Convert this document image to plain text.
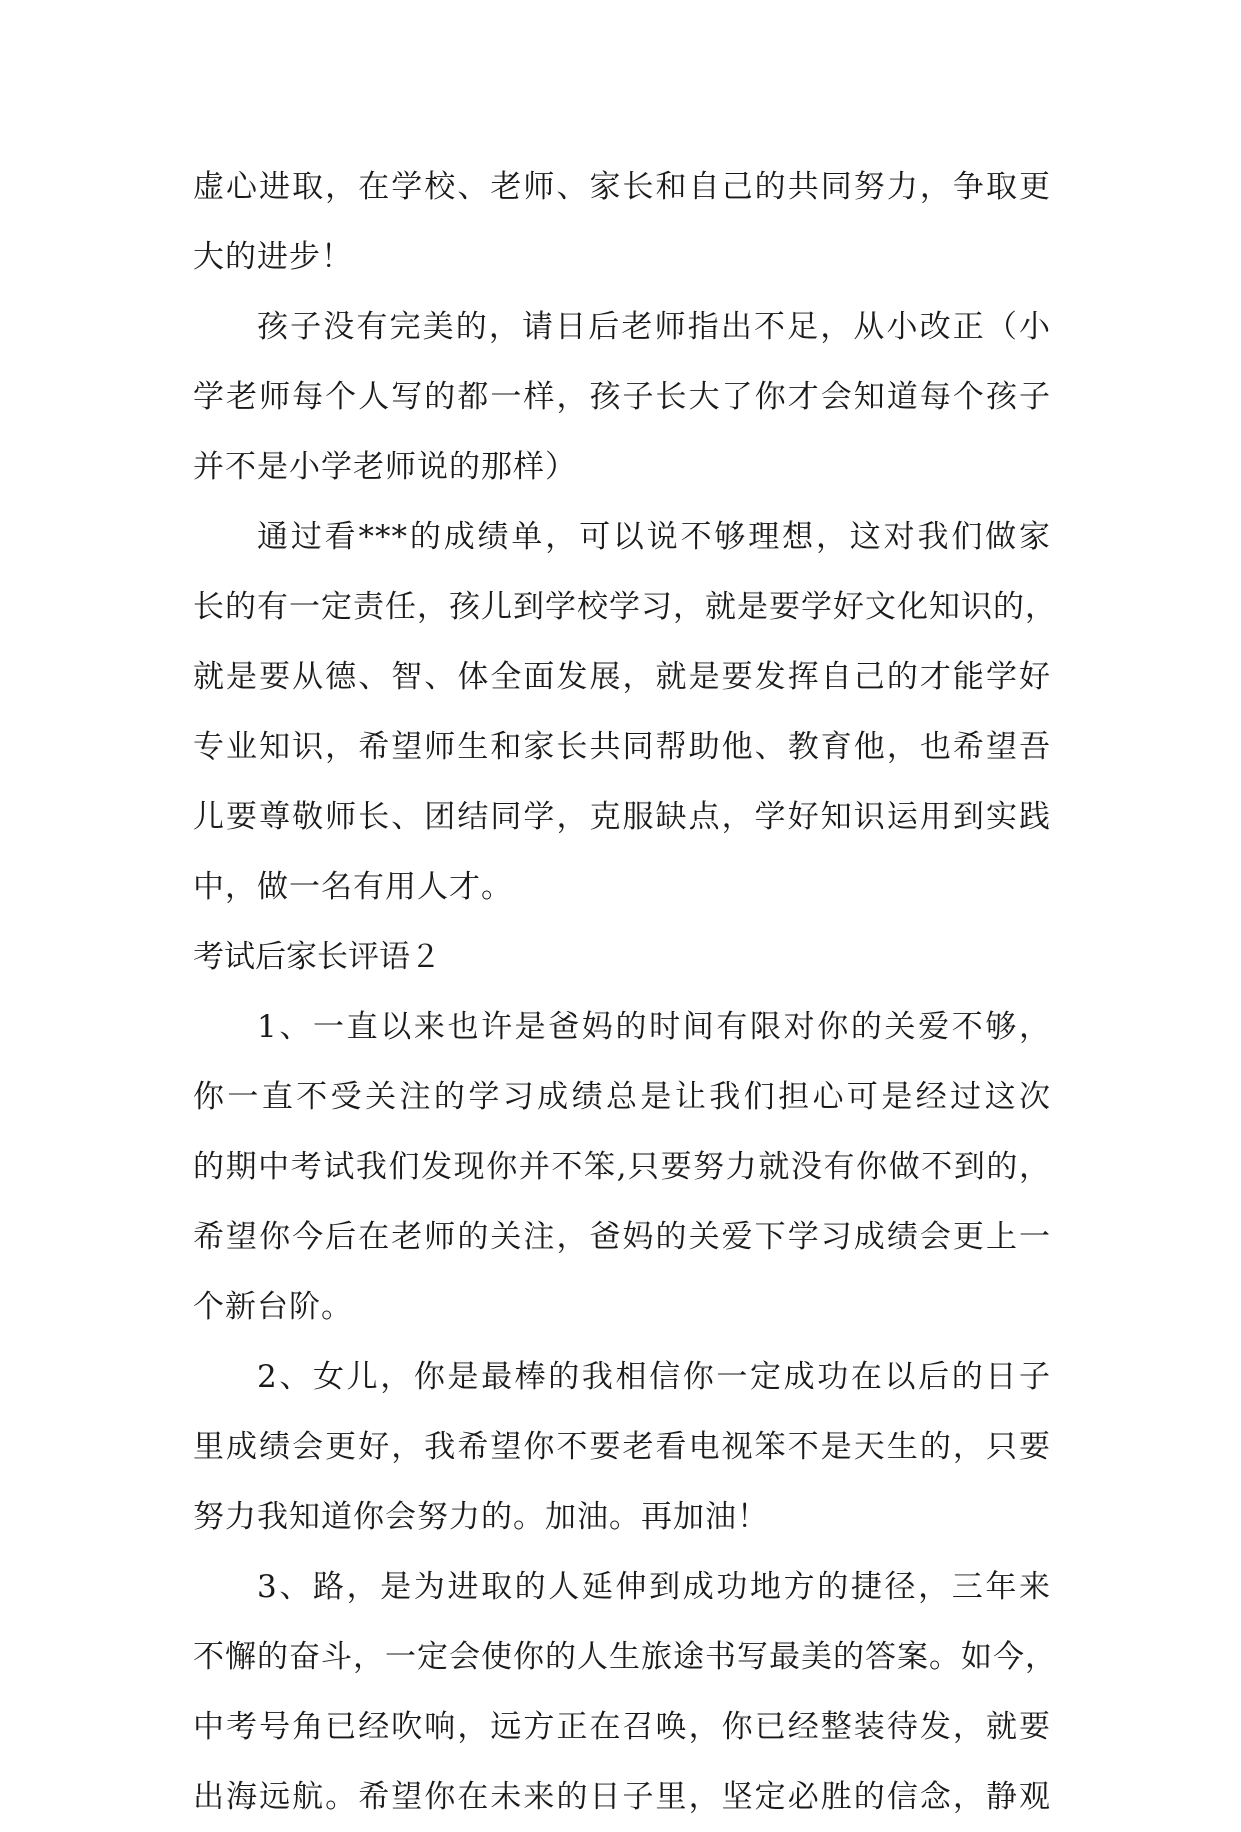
虚心进取，在学校、老师、家长和自己的共同努力，争取更
大的进步！
孩子没有完美的，请日后老师指出不足，从小改正（小
学老师每个人写的都一样，孩子长大了你才会知道每个孩子
并不是小学老师说的那样）
通过看***的成绩单，可以说不够理想，这对我们做家
长的有一定责任，孩儿到学校学习，就是要学好文化知识的，
就是要从德、智、体全面发展，就是要发挥自己的才能学好
专业知识，希望师生和家长共同帮助他、教育他，也希望吾
儿要尊敬师长、团结同学，克服缺点，学好知识运用到实践
中，做一名有用人才。
考试后家长评语２
1、一直以来也许是爸妈的时间有限对你的关爱不够，
你一直不受关注的学习成绩总是让我们担心可是经过这次
的期中考试我们发现你并不笨,只要努力就没有你做不到的，
希望你今后在老师的关注，爸妈的关爱下学习成绩会更上一
个新台阶。
2、女儿，你是最棒的我相信你一定成功在以后的日子
里成绩会更好，我希望你不要老看电视笨不是天生的，只要
努力我知道你会努力的。加油。再加油！
3、路，是为进取的人延伸到成功地方的捷径，三年来
不懈的奋斗，一定会使你的人生旅途书写最美的答案。如今，
中考号角已经吹响，远方正在召唤，你已经整装待发，就要
出海远航。希望你在未来的日子里，坚定必胜的信念，静观
